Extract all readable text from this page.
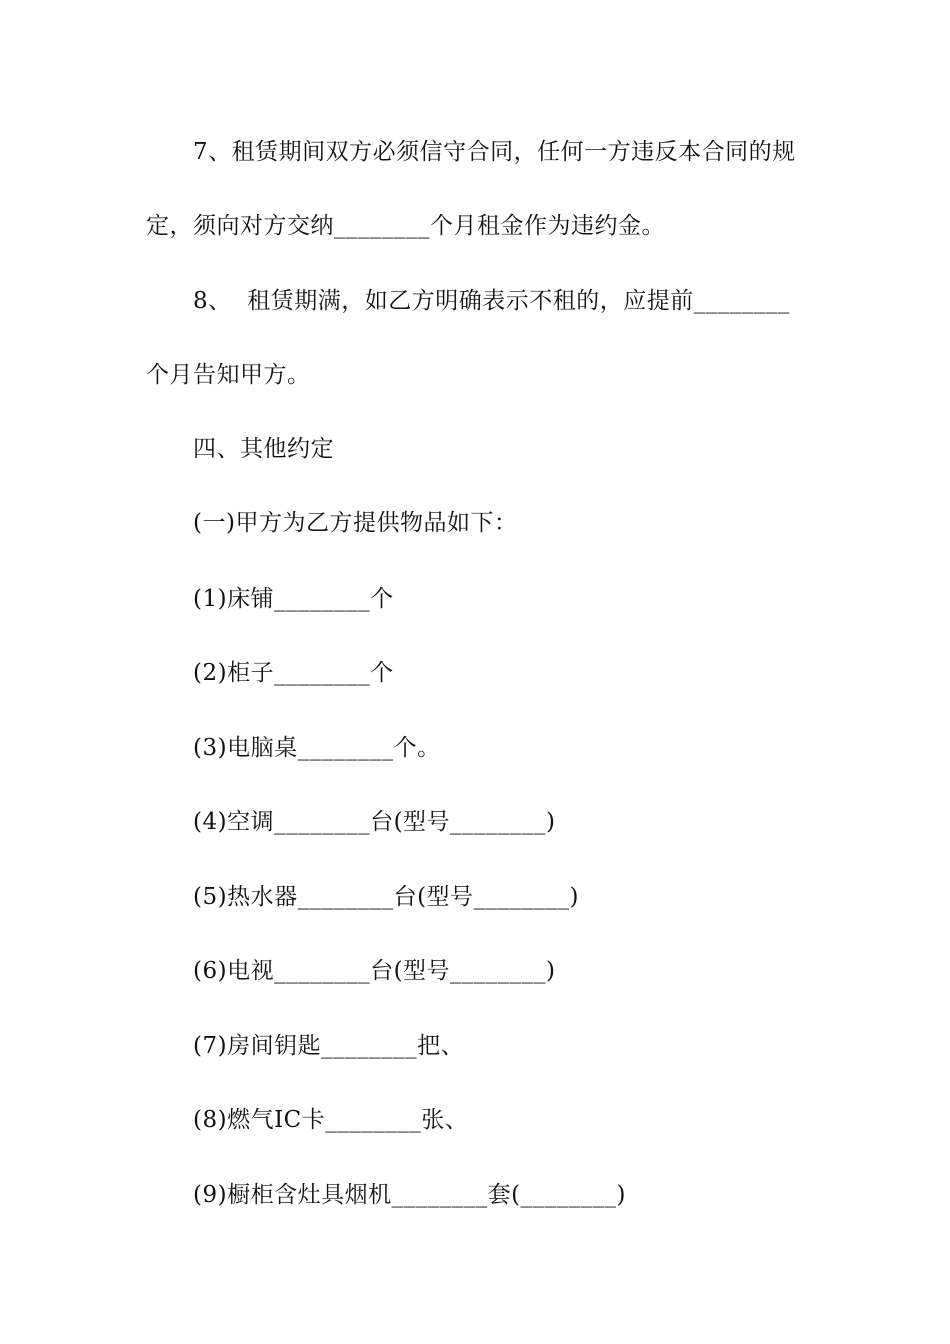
7、租赁期间双方必须信守合同，任何一方违反本合同的规
定，须向对方交纳________个月租金作为违约金。
8、  租赁期满，如乙方明确表示不租的，应提前________
个月告知甲方。
四、其他约定
(一)甲方为乙方提供物品如下：
(1)床铺________个
(2)柜子________个
(3)电脑桌________个。
(4)空调________台(型号________)
(5)热水器________台(型号________)
(6)电视________台(型号________)
(7)房间钥匙________把、
(8)燃气IC卡________张、
(9)橱柜含灶具烟机________套(________)
